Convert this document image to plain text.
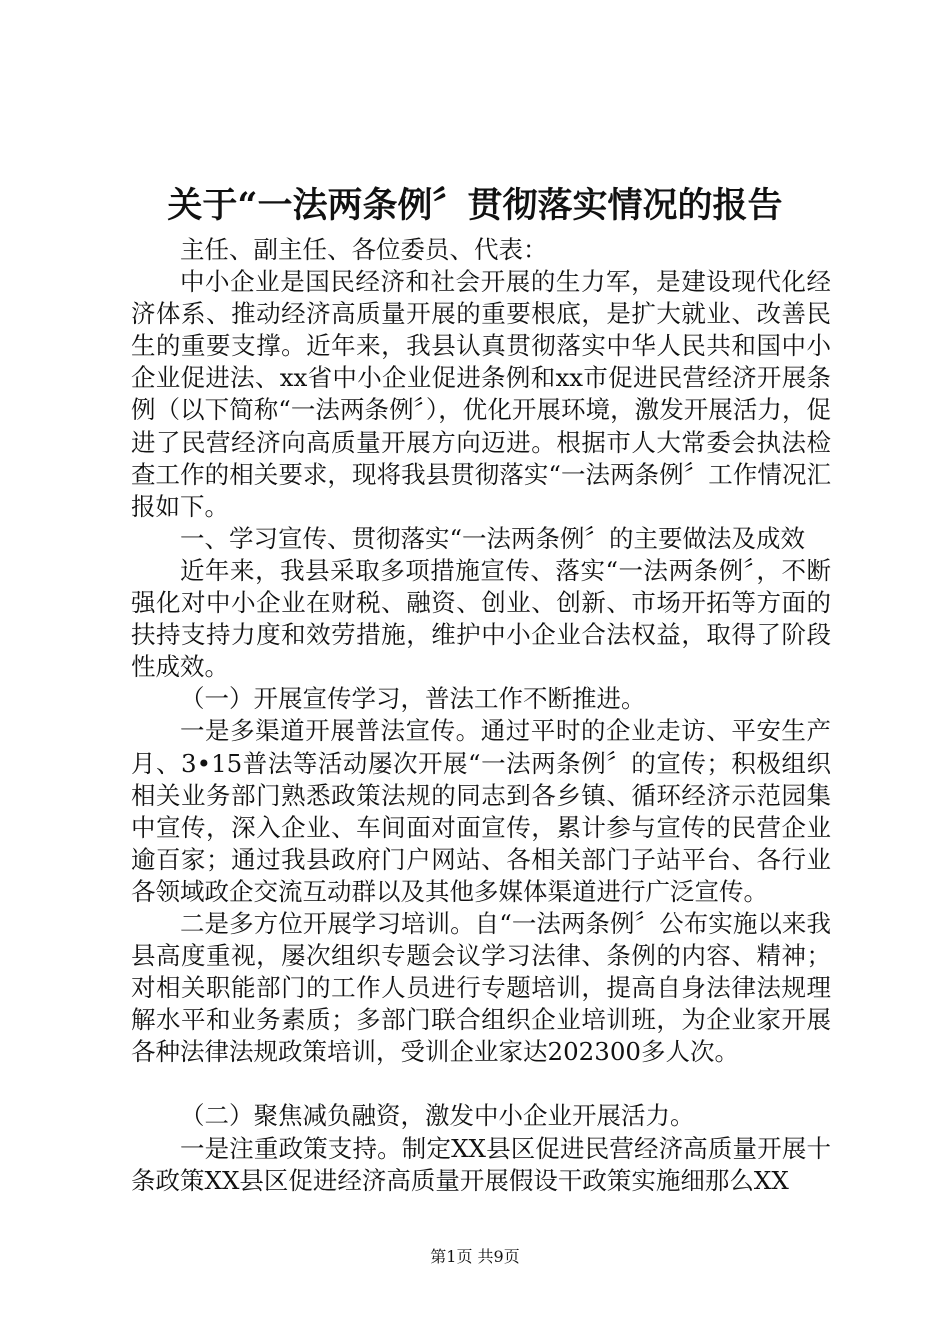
关于“一法两条例〞贯彻落实情况的报告

主任、副主任、各位委员、代表：

中小企业是国民经济和社会开展的生力军，是建设现代化经济体系、推动经济高质量开展的重要根底，是扩大就业、改善民生的重要支撑。近年来，我县认真贯彻落实中华人民共和国中小企业促进法、xx省中小企业促进条例和xx市促进民营经济开展条例（以下简称“一法两条例〞），优化开展环境，激发开展活力，促进了民营经济向高质量开展方向迈进。根据市人大常委会执法检查工作的相关要求，现将我县贯彻落实“一法两条例〞工作情况汇报如下。

一、学习宣传、贯彻落实“一法两条例〞的主要做法及成效

近年来，我县采取多项措施宣传、落实“一法两条例〞，不断强化对中小企业在财税、融资、创业、创新、市场开拓等方面的扶持支持力度和效劳措施，维护中小企业合法权益，取得了阶段性成效。

（一）开展宣传学习，普法工作不断推进。

一是多渠道开展普法宣传。通过平时的企业走访、平安生产月、3•15普法等活动屡次开展“一法两条例〞的宣传；积极组织相关业务部门熟悉政策法规的同志到各乡镇、循环经济示范园集中宣传，深入企业、车间面对面宣传，累计参与宣传的民营企业逾百家；通过我县政府门户网站、各相关部门子站平台、各行业各领域政企交流互动群以及其他多媒体渠道进行广泛宣传。

二是多方位开展学习培训。自“一法两条例〞公布实施以来我县高度重视，屡次组织专题会议学习法律、条例的内容、精神；对相关职能部门的工作人员进行专题培训，提高自身法律法规理解水平和业务素质；多部门联合组织企业培训班，为企业家开展各种法律法规政策培训，受训企业家达202300多人次。

（二）聚焦减负融资，激发中小企业开展活力。

一是注重政策支持。制定XX县区促进民营经济高质量开展十条政策XX县区促进经济高质量开展假设干政策实施细那么XX

第1页 共9页
